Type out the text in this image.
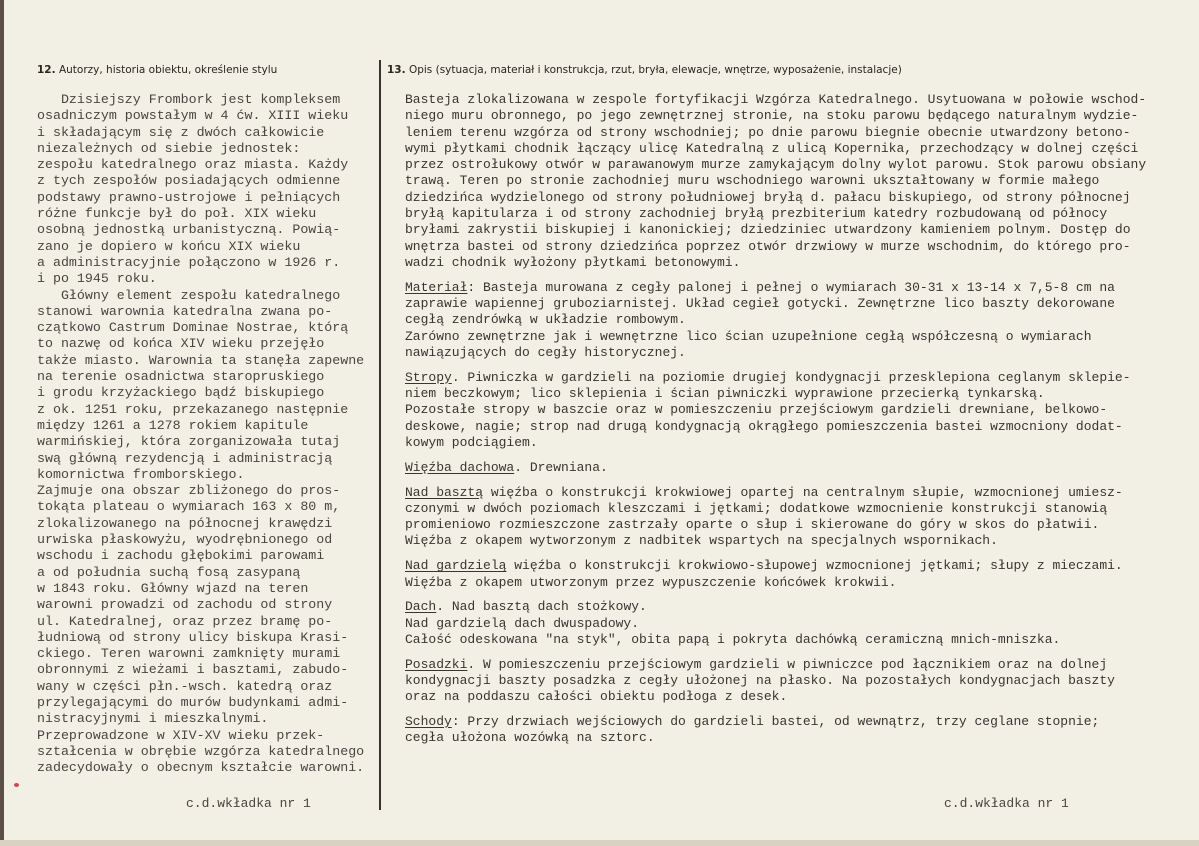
12. Autorzy, historia obiektu, określenie stylu	13. Opis (sytuacja, materiał i konstrukcja, rzut, bryła, elewacje, wnętrze, wyposażenie, instalacje)
Dzisiejszy Frombork jest kompleksem
osadniczym powstałym w 4 ćw. XIII wieku
i składającym się z dwóch całkowicie
niezależnych od siebie jednostek:
zespołu katedralnego oraz miasta. Każdy
z tych zespołów posiadających odmienne
podstawy prawno-ustrojowe i pełniących
różne funkcje był do poł. XIX wieku
osobną jednostką urbanistyczną. Powią-
zano je dopiero w końcu XIX wieku
a administracyjnie połączono w 1926 r.
i po 1945 roku.
Główny element zespołu katedralnego
stanowi warownia katedralna zwana po-
czątkowo Castrum Dominae Nostrae, którą
to nazwę od końca XIV wieku przejęło
także miasto. Warownia ta stanęła zapewne
na terenie osadnictwa staropruskiego
i grodu krzyżackiego bądź biskupiego
z ok. 1251 roku, przekazanego następnie
między 1261 a 1278 rokiem kapitule
warmińskiej, która zorganizowała tutaj
swą główną rezydencją i administracją
komornictwa fromborskiego.
Zajmuje ona obszar zbliżonego do pros-
tokąta plateau o wymiarach 163 x 80 m,
zlokalizowanego na północnej krawędzi
urwiska płaskowyżu, wyodrębnionego od
wschodu i zachodu głębokimi parowami
a od południa suchą fosą zasypaną
w 1843 roku. Główny wjazd na teren
warowni prowadzi od zachodu od strony
ul. Katedralnej, oraz przez bramę po-
łudniową od strony ulicy biskupa Krasi-
ckiego. Teren warowni zamknięty murami
obronnymi z wieżami i basztami, zabudo-
wany w części płn.-wsch. katedrą oraz
przylegającymi do murów budynkami admi-
nistracyjnymi i mieszkalnymi.
Przeprowadzone w XIV-XV wieku przek-
ształcenia w obrębie wzgórza katedralnego
zadecydowały o obecnym kształcie warowni.
Basteja zlokalizowana w zespole fortyfikacji Wzgórza Katedralnego. Usytuowana w połowie wschod-
niego muru obronnego, po jego zewnętrznej stronie, na stoku parowu będącego naturalnym wydzie-
leniem terenu wzgórza od strony wschodniej; po dnie parowu biegnie obecnie utwardzony betono-
wymi płytkami chodnik łączący ulicę Katedralną z ulicą Kopernika, przechodzący w dolnej części
przez ostrołukowy otwór w parawanowym murze zamykającym dolny wylot parowu. Stok parowu obsiany
trawą. Teren po stronie zachodniej muru wschodniego warowni ukształtowany w formie małego
dziedzińca wydzielonego od strony południowej bryłą d. pałacu biskupiego, od strony północnej
bryłą kapitularza i od strony zachodniej bryłą prezbiterium katedry rozbudowaną od północy
bryłami zakrystii biskupiej i kanonickiej; dziedziniec utwardzony kamieniem polnym. Dostęp do
wnętrza bastei od strony dziedzińca poprzez otwór drzwiowy w murze wschodnim, do którego pro-
wadzi chodnik wyłożony płytkami betonowymi.
Materiał: Basteja murowana z cegły palonej i pełnej o wymiarach 30-31 x 13-14 x 7,5-8 cm na
zaprawie wapiennej gruboziarnistej. Układ cegieł gotycki. Zewnętrzne lico baszty dekorowane
cegłą zendrówką w układzie rombowym.
Zarówno zewnętrzne jak i wewnętrzne lico ścian uzupełnione cegłą współczesną o wymiarach
nawiązujących do cegły historycznej.
Stropy. Piwniczka w gardzieli na poziomie drugiej kondygnacji przesklepiona ceglanym sklepie-
niem beczkowym; lico sklepienia i ścian piwniczki wyprawione przecierką tynkarską.
Pozostałe stropy w baszcie oraz w pomieszczeniu przejściowym gardzieli drewniane, belkowo-
deskowe, nagie; strop nad drugą kondygnacją okrągłego pomieszczenia bastei wzmocniony dodat-
kowym podciągiem.
Więźba dachowa. Drewniana.
Nad basztą więźba o konstrukcji krokwiowej opartej na centralnym słupie, wzmocnionej umiesz-
czonymi w dwóch poziomach kleszczami i jętkami; dodatkowe wzmocnienie konstrukcji stanowią
promieniowo rozmieszczone zastrzały oparte o słup i skierowane do góry w skos do płatwii.
Więźba z okapem wytworzonym z nadbitek wspartych na specjalnych wspornikach.
Nad gardzielą więźba o konstrukcji krokwiowo-słupowej wzmocnionej jętkami; słupy z mieczami.
Więźba z okapem utworzonym przez wypuszczenie końcówek krokwii.
Dach. Nad basztą dach stożkowy.
Nad gardzielą dach dwuspadowy.
Całość odeskowana "na styk", obita papą i pokryta dachówką ceramiczną mnich-mniszka.
Posadzki. W pomieszczeniu przejściowym gardzieli w piwniczce pod łącznikiem oraz na dolnej
kondygnacji baszty posadzka z cegły ułożonej na płasko. Na pozostałych kondygnacjach baszty
oraz na poddaszu całości obiektu podłoga z desek.
Schody: Przy drzwiach wejściowych do gardzieli bastei, od wewnątrz, trzy ceglane stopnie;
cegła ułożona wozówką na sztorc.
c.d.wkładka nr 1	c.d.wkładka nr 1
